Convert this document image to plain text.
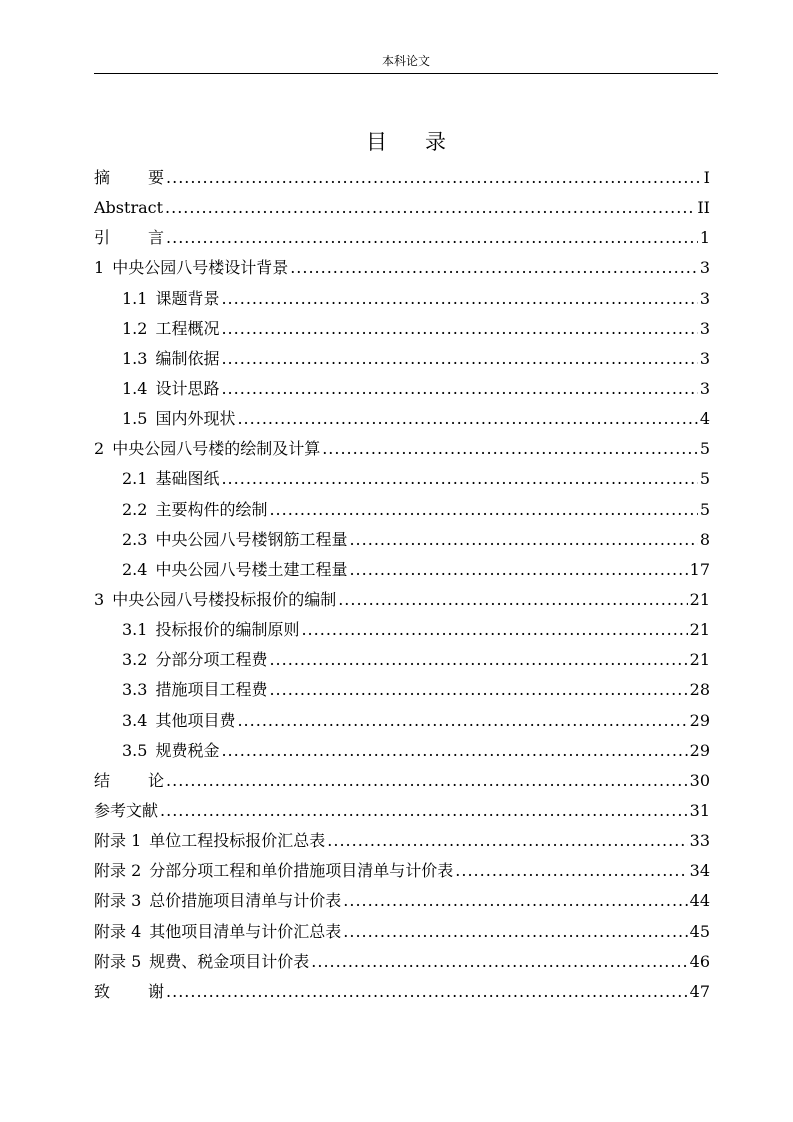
本科论文
目 录
摘 要 .....	I
Abstract .....	II
引 言 .....	1
1 中央公园八号楼设计背景 .....	3
1.1 课题背景 .....	3
1.2 工程概况 .....	3
1.3 编制依据 .....	3
1.4 设计思路 .....	3
1.5 国内外现状 .....	4
2 中央公园八号楼的绘制及计算 .....	5
2.1 基础图纸 .....	5
2.2 主要构件的绘制 .....	5
2.3 中央公园八号楼钢筋工程量 .....	8
2.4 中央公园八号楼土建工程量 .....	17
3 中央公园八号楼投标报价的编制 .....	21
3.1 投标报价的编制原则 .....	21
3.2 分部分项工程费 .....	21
3.3 措施项目工程费 .....	28
3.4 其他项目费 .....	29
3.5 规费税金 .....	29
结 论 .....	30
参考文献 .....	31
附录 1 单位工程投标报价汇总表 .....	33
附录 2 分部分项工程和单价措施项目清单与计价表 .....	34
附录 3 总价措施项目清单与计价表 .....	44
附录 4 其他项目清单与计价汇总表 .....	45
附录 5 规费、税金项目计价表 .....	46
致 谢 .....	47
